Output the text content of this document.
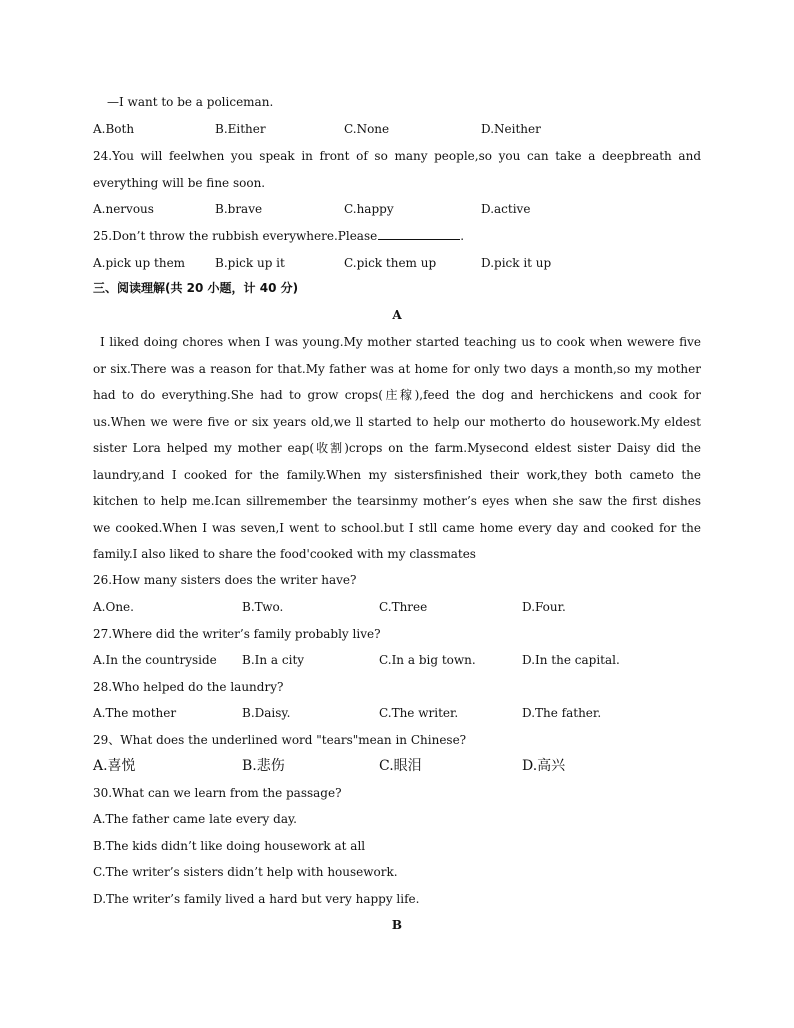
—I want to be a policeman.
A.Both	B.Either	C.None	D.Neither
24.You will feelwhen you speak in front of so many people,so you can take a deepbreath and
everything will be fine soon.
A.nervous	B.brave	C.happy	D.active
25.Don’t throw the rubbish everywhere.Please	.
A.pick up them B.pick up it	C.pick them up	D.pick it up
三、阅读理解(共 20 小题，计 40 分)
A
I liked doing chores when I was young.My mother started teaching us to cook when wewere five
or six.There was a reason for that.My father was at home for only two days a month,so my mother
had to do everything.She had to grow crops(庄稼),feed the dog and herchickens and cook for
us.When we were five or six years old,we ll started to help our motherto do housework.My eldest
sister Lora helped my mother eap(收割)crops on the farm.Mysecond eldest sister Daisy did the
laundry,and I cooked for the family.When my sistersfinished their work,they both cameto the
kitchen to help me.Ican sillremember the tearsinmy mother’s eyes when she saw the first dishes
we cooked.When I was seven,I went to school.but I stll came home every day and cooked for the
family.I also liked to share the food'cooked with my classmates
26.How many sisters does the writer have?
A.One.	B.Two.	C.Three	D.Four.
27.Where did the writer’s family probably live?
A.In the countryside B.In a city	C.In a big town.	D.In the capital.
28.Who helped do the laundry?
A.The mother	B.Daisy.	C.The writer.	D.The father.
29、What does the underlined word "tears"mean in Chinese?
A.喜悦	B.悲伤	C.眼泪	D.高兴
30.What can we learn from the passage?
A.The father came late every day.
B.The kids didn’t like doing housework at all
C.The writer’s sisters didn’t help with housework.
D.The writer’s family lived a hard but very happy life.
B
